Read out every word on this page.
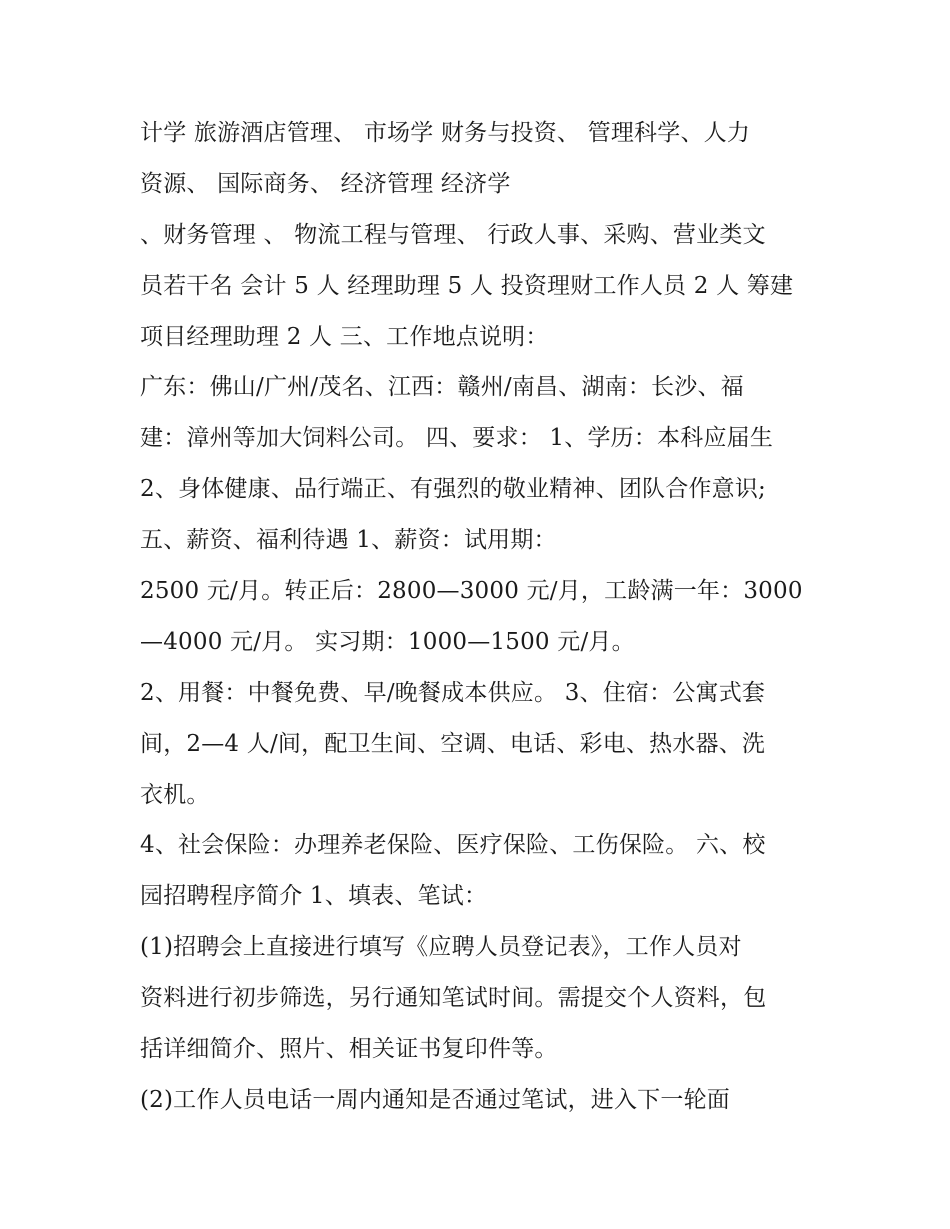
计学 旅游酒店管理、 市场学 财务与投资、 管理科学、人力
资源、 国际商务、 经济管理 经济学
、财务管理 、 物流工程与管理、 行政人事、采购、营业类文
员若干名 会计 5 人 经理助理 5 人 投资理财工作人员 2 人 筹建
项目经理助理 2 人 三、工作地点说明：
广东：佛山/广州/茂名、江西：赣州/南昌、湖南：长沙、福
建：漳州等加大饲料公司。 四、要求： 1、学历：本科应届生
2、身体健康、品行端正、有强烈的敬业精神、团队合作意识;
五、薪资、福利待遇 1、薪资：试用期：
2500 元/月。转正后：2800—3000 元/月，工龄满一年：3000
—4000 元/月。 实习期：1000—1500 元/月。
2、用餐：中餐免费、早/晚餐成本供应。 3、住宿：公寓式套
间，2—4 人/间，配卫生间、空调、电话、彩电、热水器、洗
衣机。
4、社会保险：办理养老保险、医疗保险、工伤保险。 六、校
园招聘程序简介 1、填表、笔试：
(1)招聘会上直接进行填写《应聘人员登记表》，工作人员对
资料进行初步筛选，另行通知笔试时间。需提交个人资料，包
括详细简介、照片、相关证书复印件等。
(2)工作人员电话一周内通知是否通过笔试，进入下一轮面
